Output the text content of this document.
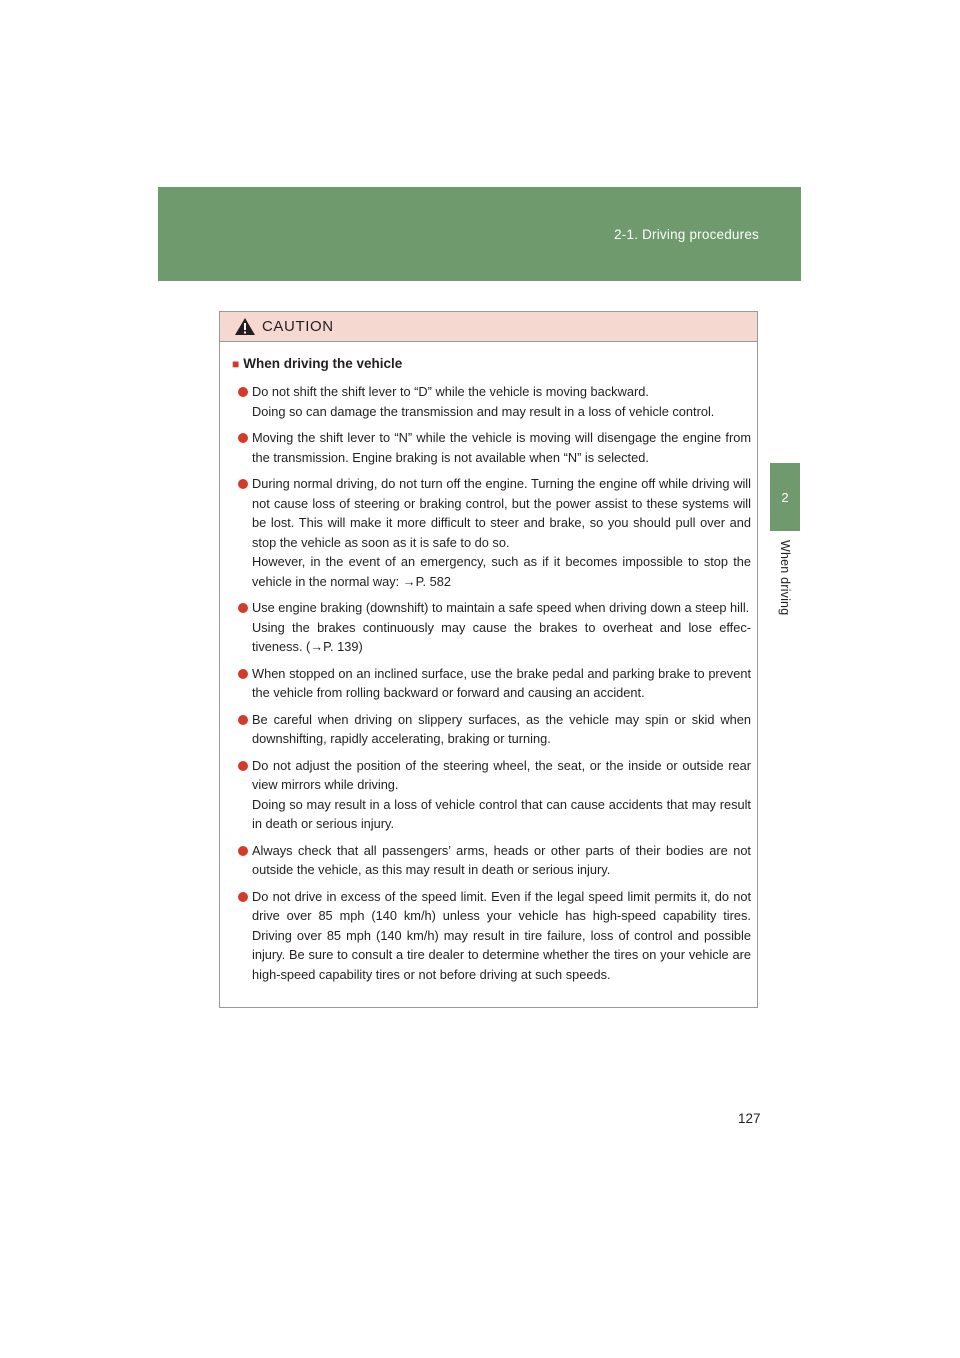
2-1. Driving procedures
2
When driving
CAUTION
■ When driving the vehicle

Do not shift the shift lever to “D” while the vehicle is moving backward.

Doing so can damage the transmission and may result in a loss of vehicle control.

Moving the shift lever to “N” while the vehicle is moving will disengage the engine from the transmission. Engine braking is not available when “N” is selected.

During normal driving, do not turn off the engine. Turning the engine off while driving will not cause loss of steering or braking control, but the power assist to these systems will be lost. This will make it more difficult to steer and brake, so you should pull over and stop the vehicle as soon as it is safe to do so.

However, in the event of an emergency, such as if it becomes impossible to stop the vehicle in the normal way: →P. 582

Use engine braking (downshift) to maintain a safe speed when driving down a steep hill.

Using the brakes continuously may cause the brakes to overheat and lose effec-tiveness. (→P. 139)

When stopped on an inclined surface, use the brake pedal and parking brake to prevent the vehicle from rolling backward or forward and causing an accident.

Be careful when driving on slippery surfaces, as the vehicle may spin or skid when downshifting, rapidly accelerating, braking or turning.

Do not adjust the position of the steering wheel, the seat, or the inside or outside rear view mirrors while driving.

Doing so may result in a loss of vehicle control that can cause accidents that may result in death or serious injury.

Always check that all passengers’ arms, heads or other parts of their bodies are not outside the vehicle, as this may result in death or serious injury.

Do not drive in excess of the speed limit. Even if the legal speed limit permits it, do not drive over 85 mph (140 km/h) unless your vehicle has high-speed capability tires. Driving over 85 mph (140 km/h) may result in tire failure, loss of control and possible injury. Be sure to consult a tire dealer to determine whether the tires on your vehicle are high-speed capability tires or not before driving at such speeds.

127
